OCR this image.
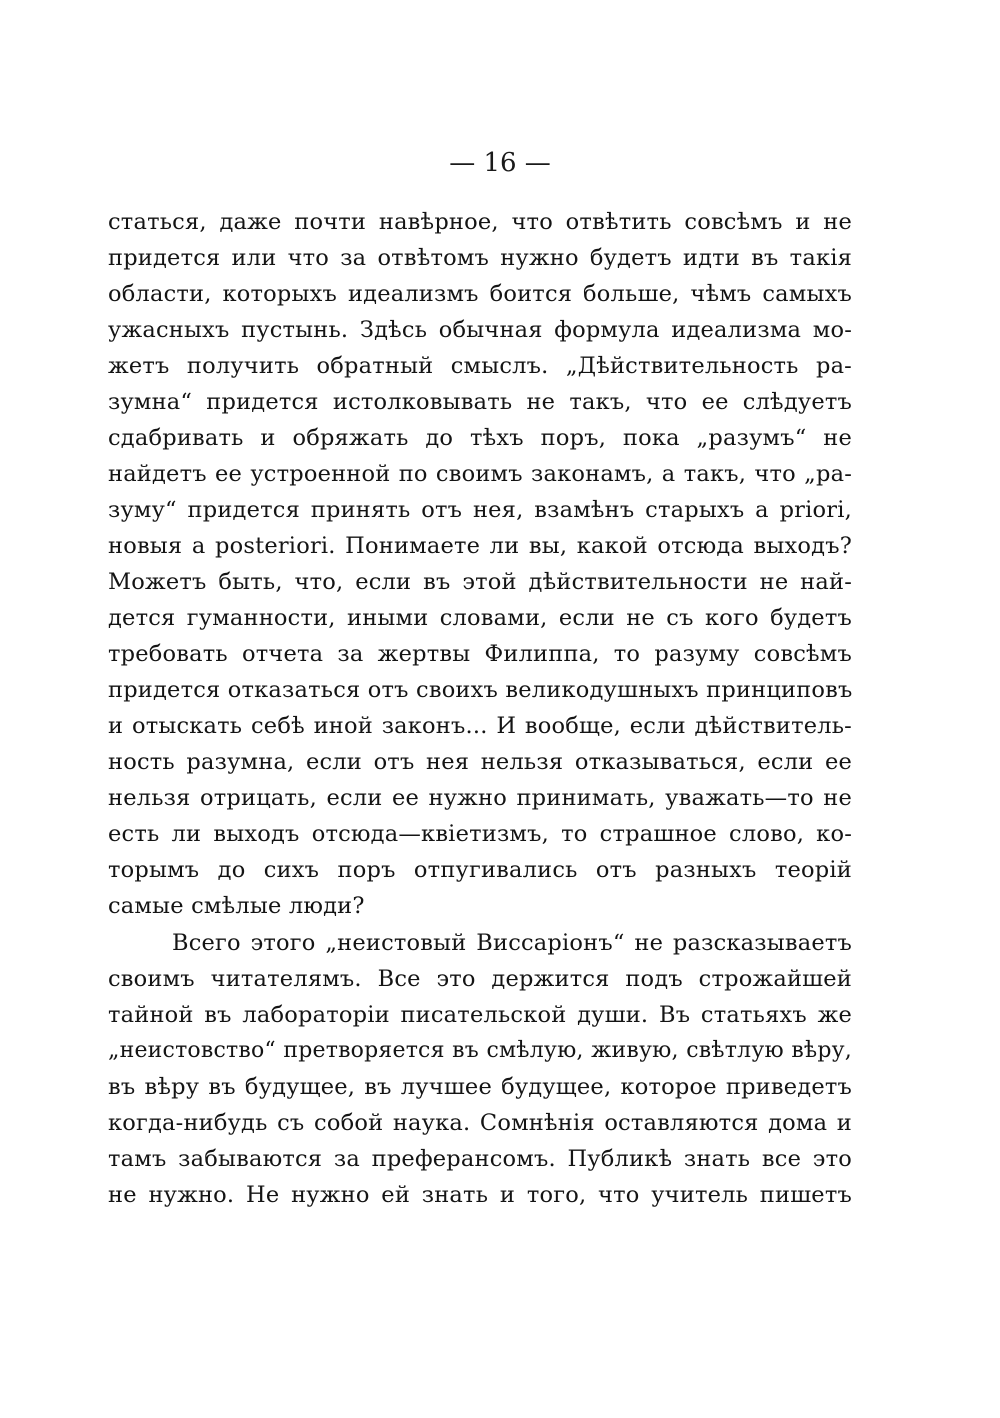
— 16 —
статься, даже почти навѣрное, что отвѣтить совсѣмъ и не
придется или что за отвѣтомъ нужно будетъ идти въ такія
области, которыхъ идеализмъ боится больше, чѣмъ самыхъ
ужасныхъ пустынь. Здѣсь обычная формула идеализма мо-
жетъ получить обратный смыслъ. „Дѣйствительность ра-
зумна“ придется истолковывать не такъ, что ее слѣдуетъ
сдабривать и обряжать до тѣхъ поръ, пока „разумъ“ не
найдетъ ее устроенной по своимъ законамъ, а такъ, что „ра-
зуму“ придется принять отъ нея, взамѣнъ старыхъ a priori,
новыя a posteriori. Понимаете ли вы, какой отсюда выходъ?
Можетъ быть, что, если въ этой дѣйствительности не най-
дется гуманности, иными словами, если не съ кого будетъ
требовать отчета за жертвы Филиппа, то разуму совсѣмъ
придется отказаться отъ своихъ великодушныхъ принциповъ
и отыскать себѣ иной законъ... И вообще, если дѣйствитель-
ность разумна, если отъ нея нельзя отказываться, если ее
нельзя отрицать, если ее нужно принимать, уважать—то не
есть ли выходъ отсюда—квіетизмъ, то страшное слово, ко-
торымъ до сихъ поръ отпугивались отъ разныхъ теорій
самые смѣлые люди?
Всего этого „неистовый Виссаріонъ“ не разсказываетъ
своимъ читателямъ. Все это держится подъ строжайшей
тайной въ лабораторіи писательской души. Въ статьяхъ же
„неистовство“ претворяется въ смѣлую, живую, свѣтлую вѣру,
въ вѣру въ будущее, въ лучшее будущее, которое приведетъ
когда-нибудь съ собой наука. Сомнѣнія оставляются дома и
тамъ забываются за преферансомъ. Публикѣ знать все это
не нужно. Не нужно ей знать и того, что учитель пишетъ
